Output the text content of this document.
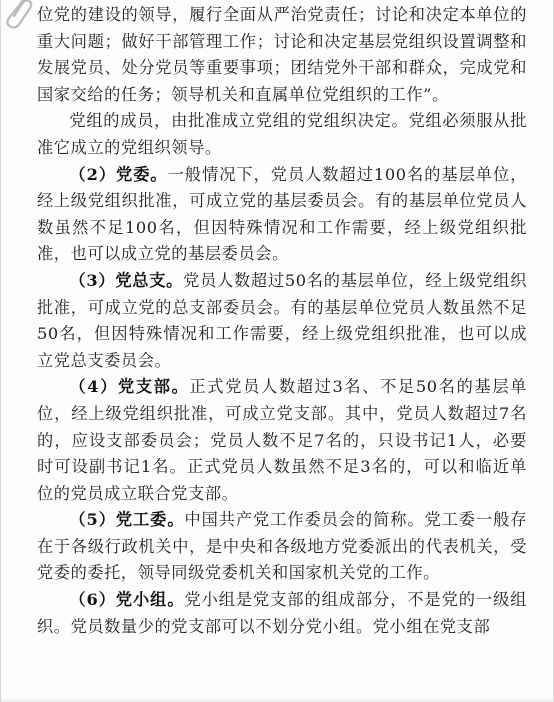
位党的建设的领导，履行全面从严治党责任；讨论和决定本单位的重大问题；做好干部管理工作；讨论和决定基层党组织设置调整和发展党员、处分党员等重要事项；团结党外干部和群众，完成党和国家交给的任务；领导机关和直属单位党组织的工作”。

党组的成员，由批准成立党组的党组织决定。党组必须服从批准它成立的党组织领导。

（2）党委。一般情况下，党员人数超过100名的基层单位，经上级党组织批准，可成立党的基层委员会。有的基层单位党员人数虽然不足100名，但因特殊情况和工作需要，经上级党组织批准，也可以成立党的基层委员会。

（3）党总支。党员人数超过50名的基层单位，经上级党组织批准，可成立党的总支部委员会。有的基层单位党员人数虽然不足50名，但因特殊情况和工作需要，经上级党组织批准，也可以成立党总支委员会。

（4）党支部。正式党员人数超过3名、不足50名的基层单位，经上级党组织批准，可成立党支部。其中，党员人数超过7名的，应设支部委员会；党员人数不足7名的，只设书记1人，必要时可设副书记1名。正式党员人数虽然不足3名的，可以和临近单位的党员成立联合党支部。

（5）党工委。中国共产党工作委员会的简称。党工委一般存在于各级行政机关中，是中央和各级地方党委派出的代表机关，受党委的委托，领导同级党委机关和国家机关党的工作。

（6）党小组。党小组是党支部的组成部分，不是党的一级组织。党员数量少的党支部可以不划分党小组。党小组在党支部
